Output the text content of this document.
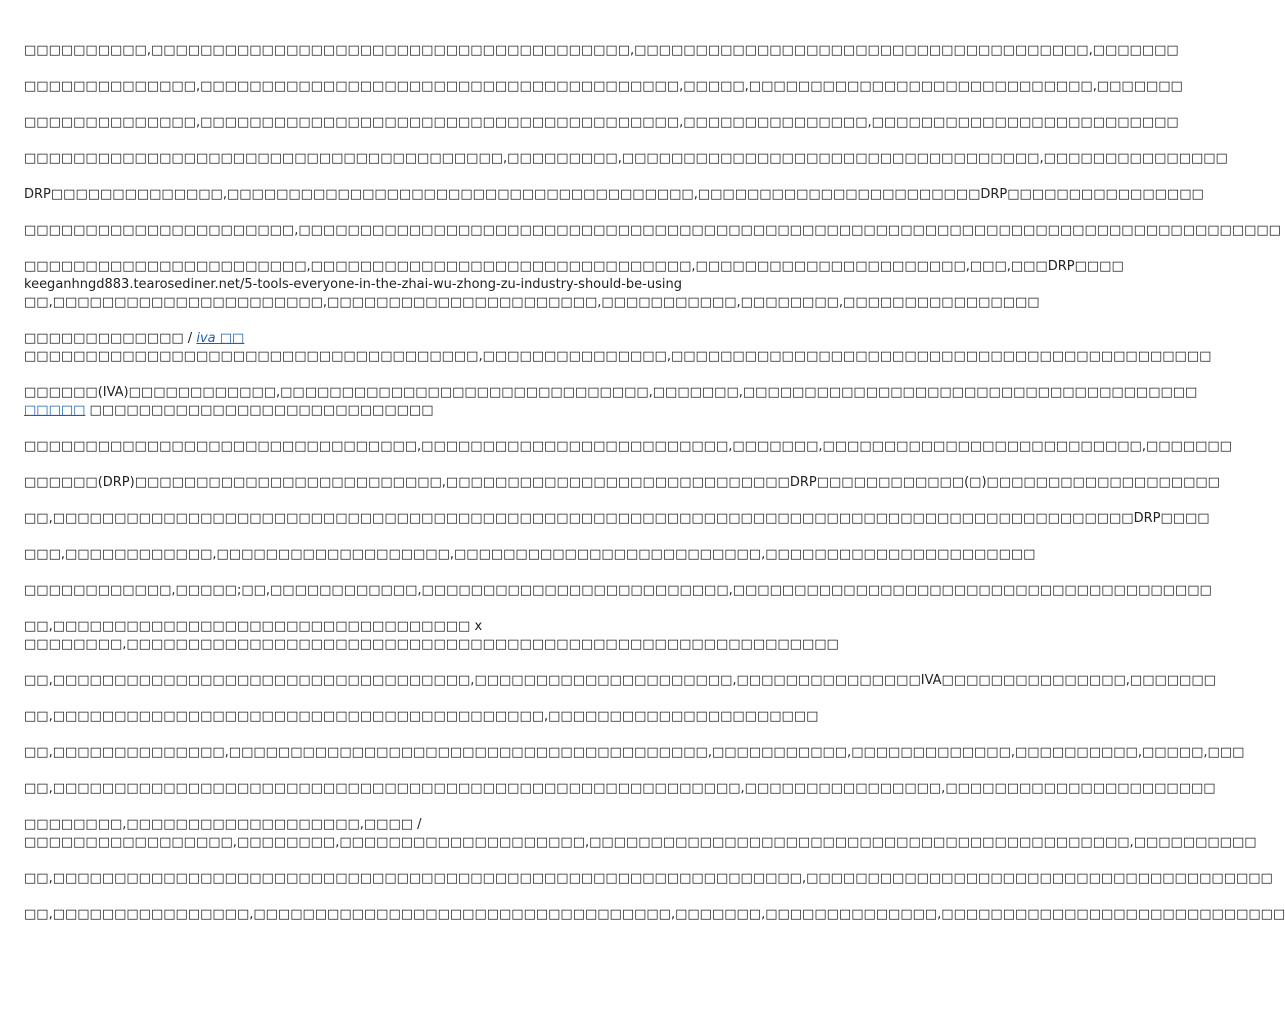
□□□□□□□□□□,□□□□□□□□□□□□□□□□□□□□□□□□□□□□□□□□□□□□□□□,□□□□□□□□□□□□□□□□□□□□□□□□□□□□□□□□□□□□□,□□□□□□□
□□□□□□□□□□□□□□,□□□□□□□□□□□□□□□□□□□□□□□□□□□□□□□□□□□□□□□,□□□□□,□□□□□□□□□□□□□□□□□□□□□□□□□□□□,□□□□□□□
□□□□□□□□□□□□□□,□□□□□□□□□□□□□□□□□□□□□□□□□□□□□□□□□□□□□□□,□□□□□□□□□□□□□□□,□□□□□□□□□□□□□□□□□□□□□□□□□
□□□□□□□□□□□□□□□□□□□□□□□□□□□□□□□□□□□□□□□,□□□□□□□□□,□□□□□□□□□□□□□□□□□□□□□□□□□□□□□□□□□□,□□□□□□□□□□□□□□□
DRP□□□□□□□□□□□□□□,□□□□□□□□□□□□□□□□□□□□□□□□□□□□□□□□□□□□□□,□□□□□□□□□□□□□□□□□□□□□□□DRP□□□□□□□□□□□□□□□□
□□□□□□□□□□□□□□□□□□□□□□,□□□□□□□□□□□□□□□□□□□□□□□□□□□□□□□□□□□□□□□□□□□□□□□□□□□□□□□□□□□□□□□□□□□□□□□□□□□□□□□□
□□□□□□□□□□□□□□□□□□□□□□□,□□□□□□□□□□□□□□□□□□□□□□□□□□□□□□□,□□□□□□□□□□□□□□□□□□□□□□,□□□,□□□DRP□□□□
keeganhngd883.tearosediner.net/5-tools-everyone-in-the-zhai-wu-zhong-zu-industry-should-be-using
□□,□□□□□□□□□□□□□□□□□□□□□□,□□□□□□□□□□□□□□□□□□□□□□,□□□□□□□□□□□,□□□□□□□□,□□□□□□□□□□□□□□□□
□□□□□□□□□□□□□ / iva □□
□□□□□□□□□□□□□□□□□□□□□□□□□□□□□□□□□□□□□,□□□□□□□□□□□□□□□,□□□□□□□□□□□□□□□□□□□□□□□□□□□□□□□□□□□□□□□□□□□□
□□□□□□(IVA)□□□□□□□□□□□□,□□□□□□□□□□□□□□□□□□□□□□□□□□□□□□,□□□□□□□,□□□□□□□□□□□□□□□□□□□□□□□□□□□□□□□□□□□□□
□□□□□ □□□□□□□□□□□□□□□□□□□□□□□□□□□□
□□□□□□□□□□□□□□□□□□□□□□□□□□□□□□□□,□□□□□□□□□□□□□□□□□□□□□□□□□,□□□□□□□,□□□□□□□□□□□□□□□□□□□□□□□□□□,□□□□□□□
□□□□□□(DRP)□□□□□□□□□□□□□□□□□□□□□□□□□,□□□□□□□□□□□□□□□□□□□□□□□□□□□□DRP□□□□□□□□□□□□(□)□□□□□□□□□□□□□□□□□□□
□□,□□□□□□□□□□□□□□□□□□□□□□□□□□□□□□□□□□□□□□□□□□□□□□□□□□□□□□□□□□□□□□□□□□□□□□□□□□□□□□□□□□□□□□□□DRP□□□□
□□□,□□□□□□□□□□□□,□□□□□□□□□□□□□□□□□□□,□□□□□□□□□□□□□□□□□□□□□□□□□,□□□□□□□□□□□□□□□□□□□□□□
□□□□□□□□□□□□,□□□□□;□□,□□□□□□□□□□□□,□□□□□□□□□□□□□□□□□□□□□□□□□,□□□□□□□□□□□□□□□□□□□□□□□□□□□□□□□□□□□□□□□
□□,□□□□□□□□□□□□□□□□□□□□□□□□□□□□□□□□□□ x
□□□□□□□□,□□□□□□□□□□□□□□□□□□□□□□□□□□□□□□□□□□□□□□□□□□□□□□□□□□□□□□□□□□
□□,□□□□□□□□□□□□□□□□□□□□□□□□□□□□□□□□□□,□□□□□□□□□□□□□□□□□□□□□,□□□□□□□□□□□□□□□IVA□□□□□□□□□□□□□□□,□□□□□□□
□□,□□□□□□□□□□□□□□□□□□□□□□□□□□□□□□□□□□□□□□□□,□□□□□□□□□□□□□□□□□□□□□□
□□,□□□□□□□□□□□□□□,□□□□□□□□□□□□□□□□□□□□□□□□□□□□□□□□□□□□□□□,□□□□□□□□□□□,□□□□□□□□□□□□□,□□□□□□□□□□,□□□□□,□□□
□□,□□□□□□□□□□□□□□□□□□□□□□□□□□□□□□□□□□□□□□□□□□□□□□□□□□□□□□□□,□□□□□□□□□□□□□□□□,□□□□□□□□□□□□□□□□□□□□□□
□□□□□□□□,□□□□□□□□□□□□□□□□□□□,□□□□ /
□□□□□□□□□□□□□□□□□,□□□□□□□□,□□□□□□□□□□□□□□□□□□□□,□□□□□□□□□□□□□□□□□□□□□□□□□□□□□□□□□□□□□□□□□□□□,□□□□□□□□□□
□□,□□□□□□□□□□□□□□□□□□□□□□□□□□□□□□□□□□□□□□□□□□□□□□□□□□□□□□□□□□□□□,□□□□□□□□□□□□□□□□□□□□□□□□□□□□□□□□□□□□□□
□□,□□□□□□□□□□□□□□□□,□□□□□□□□□□□□□□□□□□□□□□□□□□□□□□□□□□,□□□□□□□,□□□□□□□□□□□□□□,□□□□□□□□□□□□□□□□□□□□□□□□□□□□
